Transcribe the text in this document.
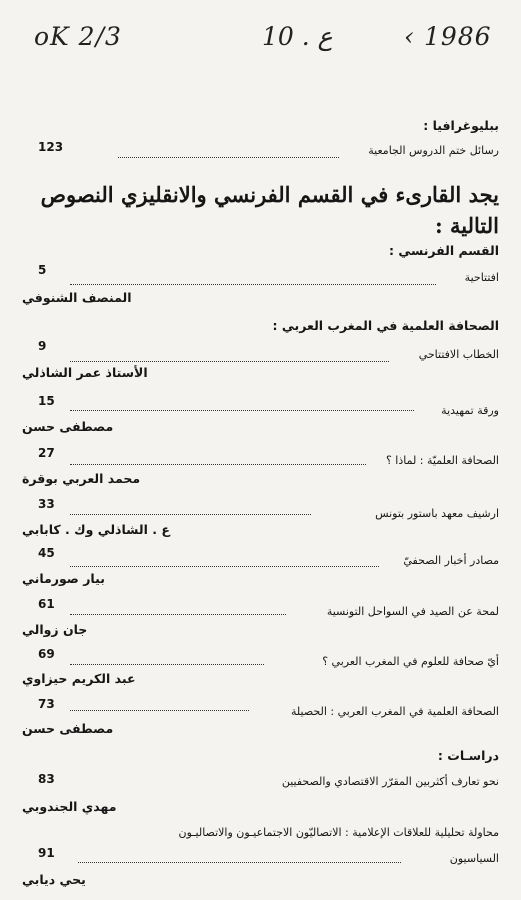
oK 2/3	10 . ع	‹ 1986
ببليوغرافيا :
رسائل ختم الدروس الجامعية
123
يجد القارىء في القسم الفرنسي والانقليزي النصوص التالية :
القسم الفرنسي :
افتتاحية
5
المنصف الشنوفي
الصحافة العلمية في المغرب العربي :
الخطاب الافتتاحي
9
الأستاذ عمر الشاذلي
ورقة تمهيدية
15
مصطفى حسن
الصحافة العلميّة : لماذا ؟
27
محمد العربي بوقرة
ارشيف معهد باستور بتونس
33
ع . الشاذلي وك . كابابي
مصادر أخبار الصحفيّ
45
بيار صورماني
لمحة عن الصيد في السواحل التونسية
61
جان زوالي
أيّ صحافة للعلوم في المغرب العربي ؟
69
عبد الكريم حيزاوي
الصحافة العلمية في المغرب العربي : الحصيلة
73
مصطفى حسن
دراسـات :
نحو تعارف أكثربين المقرّر الاقتصادي والصحفيين
83
مهدي الجندوبي
محاولة تحليلية للعلاقات الإعلامية : الاتصاليّون الاجتماعيـون والاتصاليـون
السياسيون
91
يحي ديابي
